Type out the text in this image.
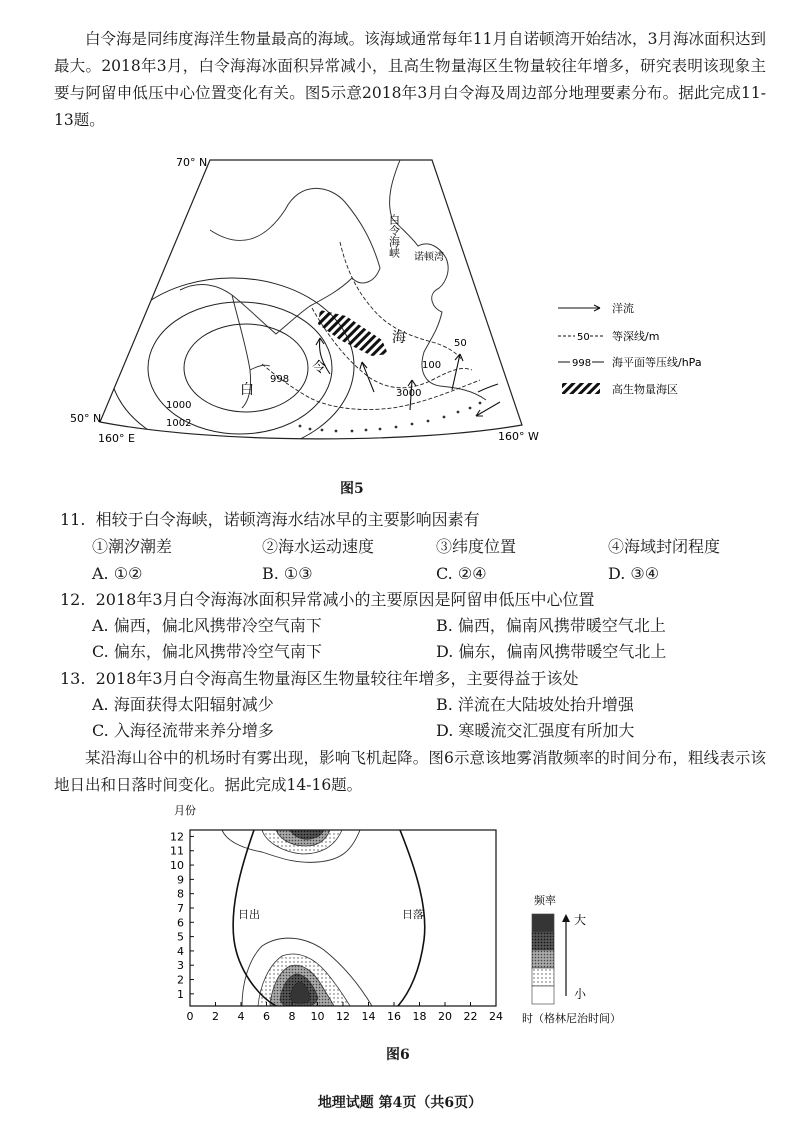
白令海是同纬度海洋生物量最高的海域。该海域通常每年11月自诺顿湾开始结冰，3月海冰面积达到最大。2018年3月，白令海海冰面积异常减小，且高生物量海区生物量较往年增多，研究表明该现象主要与阿留申低压中心位置变化有关。图5示意2018年3月白令海及周边部分地理要素分布。据此完成11-13题。

70° N
50° N
160° E	160° W
白令海峡 诺顿湾
白
令
海
998
1000
1002
50
100
3000
洋流
50 等深线/m
998 海平面等压线/hPa
高生物量海区
图5
11. 相较于白令海峡，诺顿湾海水结冰早的主要影响因素有
①潮汐潮差	②海水运动速度	③纬度位置	④海域封闭程度
A. ①②	B. ①③	C. ②④	D. ③④
12. 2018年3月白令海海冰面积异常减小的主要原因是阿留申低压中心位置
A. 偏西，偏北风携带冷空气南下	B. 偏西，偏南风携带暖空气北上
C. 偏东，偏北风携带冷空气南下	D. 偏东，偏南风携带暖空气北上
13. 2018年3月白令海高生物量海区生物量较往年增多，主要得益于该处
A. 海面获得太阳辐射减少	B. 洋流在大陆坡处抬升增强
C. 入海径流带来养分增多	D. 寒暖流交汇强度有所加大

某沿海山谷中的机场时有雾出现，影响飞机起降。图6示意该地雾消散频率的时间分布，粗线表示该地日出和日落时间变化。据此完成14-16题。

月份
时（格林尼治时间）
日出	日落
0 2 4 6 8 10 12 14 16 18 20 22 24
1
2
3
4
5
6
7
8
9
10
11
12
频率
大
小
图6
地理试题 第4页（共6页）
